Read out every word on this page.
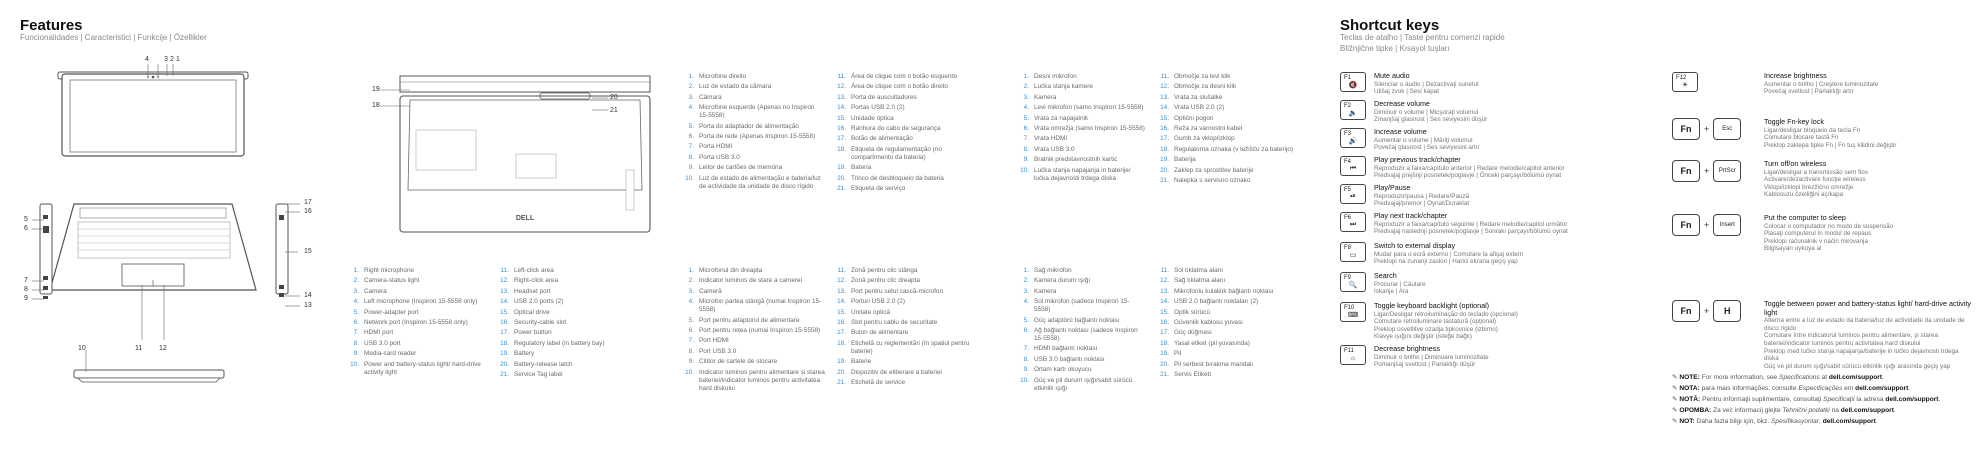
Features
Funcionalidades | Caracteristici | Funkcije | Özellikler
Shortcut keys
Teclas de atalho | Taste pentru comenzi rapide
Bližnjične tipke | Kısayol tuşları
4 3 2 1
5
6
7
8
9
10	11 12
13
14
15
16
17
DELL
19
18
20
21
1. Microfone direito
2. Luz de estado da câmara
3. Câmara
4. Microfone esquerdo (Apenas no Inspiron 15-5558)
5. Porta do adaptador de alimentação
6. Porta de rede (Apenas Inspiron 15-5558)
7. Porta HDMI
8. Porta USB 3.0
9. Leitor de cartões de memória
10. Luz de estado de alimentação e bateria/luz de actividade da unidade de disco rígido
11. Área de clique com o botão esquerdo
12. Área de clique com o botão direito
13. Porta de auscultadores
14. Portas USB 2.0 (2)
15. Unidade óptica
16. Ranhura do cabo de segurança
17. Botão de alimentação
18. Etiqueta de regulamentação (no compartimento da bateria)
19. Bateria
20. Trinco de desbloqueio da bateria
21. Etiqueta de serviço
1. Desni mikrofon
2. Lučka stanja kamere
3. Kamera
4. Levi mikrofon (samo Inspiron 15-5558)
5. Vrata za napajalnik
6. Vrata omrežja (samo Inspiron 15-5558)
7. Vrata HDMI
8. Vrata USB 3.0
9. Bralnik predstavnostnih kartic
10. Lučka stanja napajanja in baterije/ lučka dejavnosti trdega diska
11. Območje za levi klik
12. Območje za desni klik
13. Vrata za slušalke
14. Vrata USB 2.0 (2)
15. Optični pogon
16. Reža za varnostni kabel
17. Gumb za vklop/izklop
18. Regulatorna oznaka (v ležišču za baterijo)
19. Baterija
20. Zaklep za sprostitev baterije
21. Nalepka s servisno oznako
1. Right microphone
2. Camera-status light
3. Camera
4. Left microphone (Inspiron 15-5558 only)
5. Power-adapter port
6. Network port (Inspiron 15-5558 only)
7. HDMI port
8. USB 3.0 port
9. Media-card reader
10. Power and battery-status light/ hard-drive activity light
11. Left-click area
12. Right-click area
13. Headset port
14. USB 2.0 ports (2)
15. Optical drive
16. Security-cable slot
17. Power button
18. Regulatory label (in battery bay)
19. Battery
20. Battery-release latch
21. Service Tag label
1. Microfonul din dreapta
2. Indicator luminos de stare a camerei
3. Cameră
4. Microfon partea stângă (numai Inspiron 15-5558)
5. Port pentru adaptorul de alimentare
6. Port pentru rețea (numai Inspiron 15-5558)
7. Port HDMI
8. Port USB 3.0
9. Cititor de cartele de stocare
10. Indicator luminos pentru alimentare și starea bateriei/indicator luminos pentru activitatea hard diskului
11. Zonă pentru clic stânga
12. Zonă pentru clic dreapta
13. Port pentru setul cască-microfon
14. Porturi USB 2.0 (2)
15. Unitate optică
16. Slot pentru cablu de securitate
17. Buton de alimentare
18. Etichetă cu reglementări (în spațiul pentru baterie)
19. Baterie
20. Dispozitiv de eliberare a bateriei
21. Etichetă de service
1. Sağ mikrofon
2. Kamera durum ışığı
3. Kamera
4. Sol mikrofon (sadece Inspiron 15-5558)
5. Güç adaptörü bağlantı noktası
6. Ağ bağlantı noktası (sadece Inspiron 15-5558)
7. HDMI bağlantı noktası
8. USB 3.0 bağlantı noktası
9. Ortam kartı okuyucu
10. Güç ve pil durum ışığı/sabit sürücü etkinlik ışığı
11. Sol tıklatma alanı
12. Sağ tıklatma alanı
13. Mikrofonlu kulaklık bağlantı noktası
14. USB 2.0 bağlantı noktaları (2)
15. Optik sürücü
16. Güvenlik kablosu yuvası
17. Güç düğmesi
18. Yasal etiket (pil yuvasında)
19. Pil
20. Pil serbest bırakma mandalı
21. Servis Etiketi
F1
🔇
Mute audio
Silenciar o áudio | Dezactivaţi sunetul
Utišaj zvok | Sesi kapat
F2
🔉
Decrease volume
Diminuir o volume | Micşoraţi volumul
Zmanjšaj glasnost | Ses seviyesini düşür
F3
🔊
Increase volume
Aumentar o volume | Măriţi volumul
Povečaj glasnost | Ses seviyesini artır
F4
⏮
Play previous track/chapter
Reproduzir a faixa/capítulo anterior | Redare melodie/capitol anterior
Predvajaj prejšnji posnetek/poglavje | Önceki parçayı/bölümü oynat
F5
⏯
Play/Pause
Reproduzir/pausa | Redare/Pauză
Predvajaj/premor | Oynat/Duraklat
F6
⏭
Play next track/chapter
Reproduzir a faixa/capítulo seguinte | Redare melodie/capitol următor
Predvajaj naslednji posnetek/poglavje | Sonraki parçayı/bölümü oynat
F8
▭
Switch to external display
Mudar para o ecrã externo | Comutare la afişaj extern
Preklopi na zunanji zaslon | Harici ekrana geçiş yap
F9
🔍
Search
Procurar | Căutare
Iskanje | Ara
F10
⌨
Toggle keyboard backlight (optional)
Ligar/Desligar retroiluminação do teclado (opcional)
Comutare retroiluminare tastatură (opţional)
Preklop osvetlitve ozadja tipkovnice (izbirno)
Klavye ışığını değiştir (isteğe bağlı)
F11
☼
Decrease brightness
Diminuir o brilho | Diminuare luminozitate
Pomanjšaj svetlost | Parlaklığı düşür
F12
☀
Increase brightness
Aumentar o brilho | Creştere luminozitate
Povečaj svetlost | Parlaklığı artır
Fn	+	Esc
Toggle Fn-key lock
Ligar/desligar bloqueio da tecla Fn
Comutare blocare tastă Fn
Preklop zaklepa tipke Fn | Fn tuş kilidini değiştir
Fn	+	PrtScr
Turn off/on wireless
Ligar/desligar a transmissão sem fios
Activare/dezactivare funcţie wireless
Vklopi/izklopi brezžično omrežje
Kablosuzu özelliğini aç/kapa
Fn	+	Insert
Put the computer to sleep
Colocar o computador no modo de suspensão
Plasaţi computerul în modul de repaus
Preklopi računalnik v način mirovanja
Bilgisayarı uykuya al
Fn	+	H
Toggle between power and battery-status light/ hard-drive activity light
Alterna entre a luz de estado da bateria/luz de actividade da unidade de disco rígido
Comutare între indicatorul luminos pentru alimentare, şi starea bateriei/indicator luminos pentru activitatea hard diskului
Preklop med lučko stanja napajanja/baterije in lučko dejavnosti trdega diska
Güç ve pil durum ışığı/sabit sürücü etkinlik ışığı arasında geçiş yap
✎ NOTE: For more information, see Specifications at dell.com/support.
✎ NOTA: para mais informações, consulte Especificações em dell.com/support.
✎ NOTĂ: Pentru informaţii suplimentare, consultaţi Specificaţii la adresa dell.com/support.
✎ OPOMBA: Za več informacij glejte Tehnični podatki na dell.com/support.
✎ NOT: Daha fazla bilgi için, bkz. Spesifikasyonlar, dell.com/support.
